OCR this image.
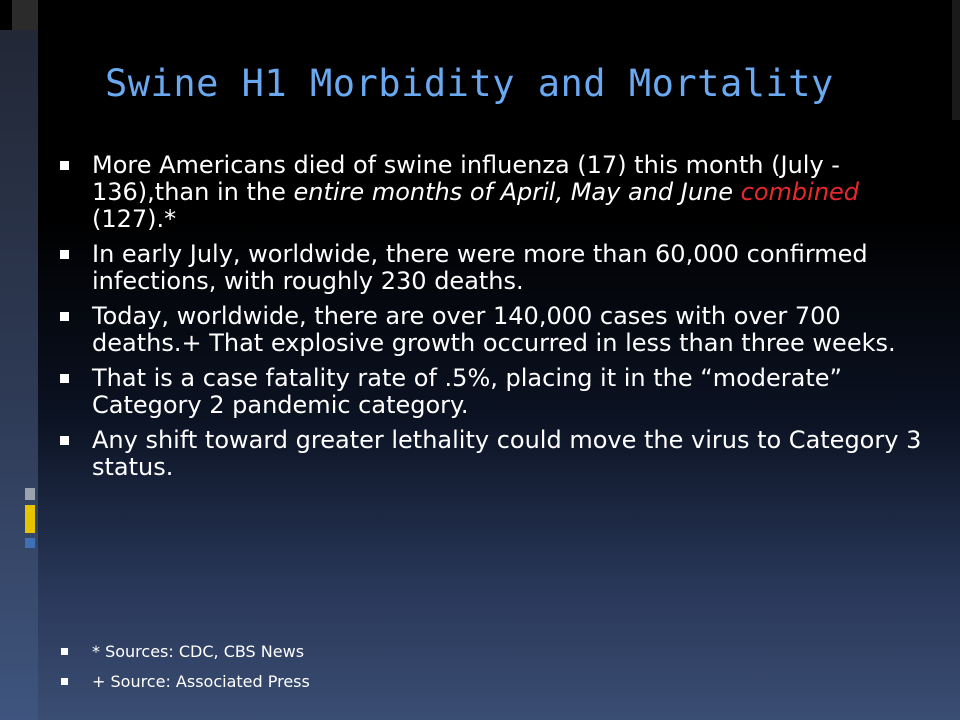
Swine H1 Morbidity and Mortality
More Americans died of swine influenza (17) this month (July - 136),than in the entire months of April, May and June combined (127).*
In early July, worldwide, there were more than 60,000 confirmed infections, with roughly 230 deaths.
Today, worldwide, there are over 140,000 cases with over 700 deaths.+ That explosive growth occurred in less than three weeks.
That is a case fatality rate of .5%, placing it in the “moderate” Category 2 pandemic category.
Any shift toward greater lethality could move the virus to Category 3 status.
* Sources: CDC, CBS News
+ Source: Associated Press
